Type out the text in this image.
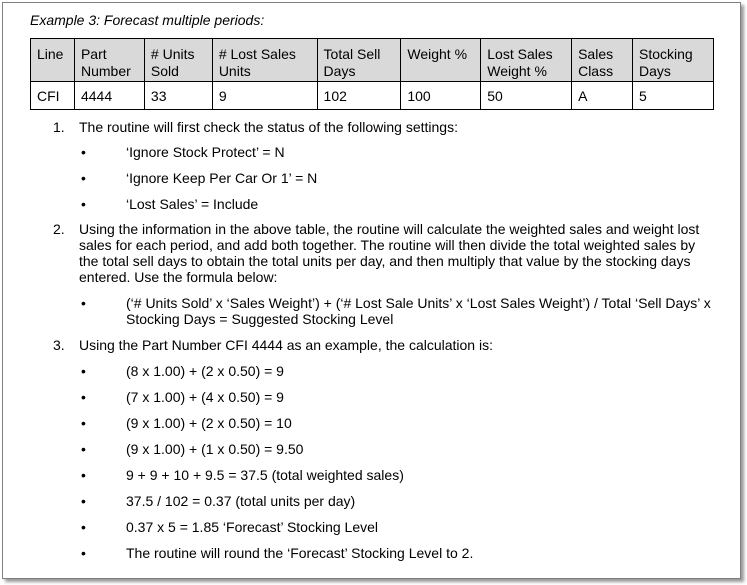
Example 3: Forecast multiple periods:
Line	Part Number	# Units Sold	# Lost Sales Units	Total Sell Days	Weight %	Lost Sales Weight %	Sales Class	Stocking Days
CFI	4444	33	9	102	100	50	A	5
1.	The routine will first check the status of the following settings:
‘Ignore Stock Protect’ = N
‘Ignore Keep Per Car Or 1’ = N
‘Lost Sales’ = Include
2.	Using the information in the above table, the routine will calculate the weighted sales and weight lost sales for each period, and add both together. The routine will then divide the total weighted sales by the total sell days to obtain the total units per day, and then multiply that value by the stocking days entered. Use the formula below:
(‘# Units Sold’ x ‘Sales Weight’) + (‘# Lost Sale Units’ x ‘Lost Sales Weight’) / Total ‘Sell Days’ x Stocking Days = Suggested Stocking Level
3.	Using the Part Number CFI 4444 as an example, the calculation is:
(8 x 1.00) + (2 x 0.50) = 9
(7 x 1.00) + (4 x 0.50) = 9
(9 x 1.00) + (2 x 0.50) = 10
(9 x 1.00) + (1 x 0.50) = 9.50
9 + 9 + 10 + 9.5 = 37.5 (total weighted sales)
37.5 / 102 = 0.37 (total units per day)
0.37 x 5 = 1.85 ‘Forecast’ Stocking Level
The routine will round the ‘Forecast’ Stocking Level to 2.
